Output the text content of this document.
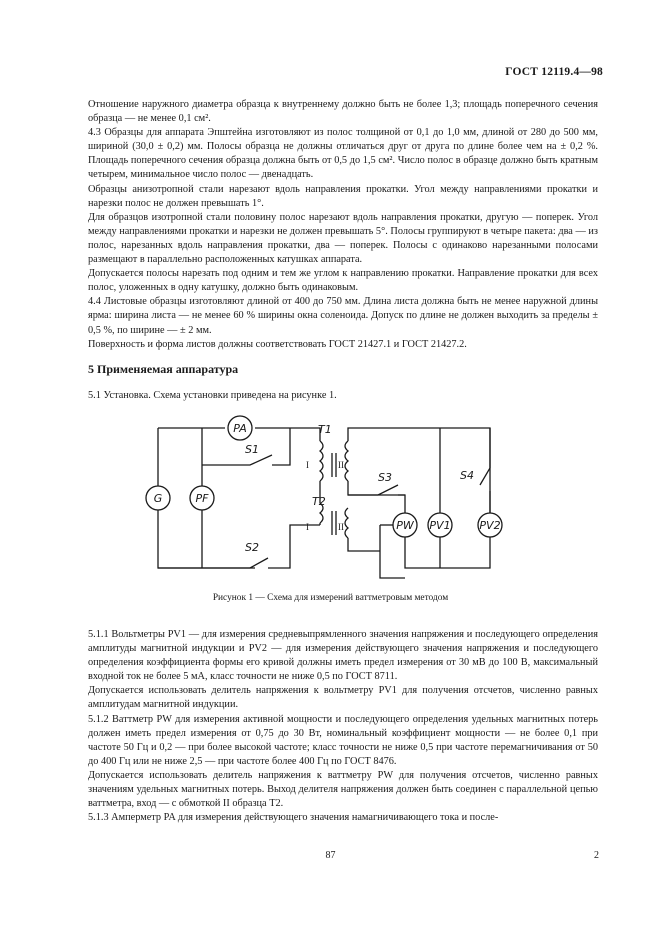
ГОСТ 12119.4—98

Отношение наружного диаметра образца к внутреннему должно быть не более 1,3; площадь поперечного сечения образца — не менее 0,1 см².

4.3 Образцы для аппарата Эпштейна изготовляют из полос толщиной от 0,1 до 1,0 мм, длиной от 280 до 500 мм, шириной (30,0 ± 0,2) мм. Полосы образца не должны отличаться друг от друга по длине более чем на ± 0,2 %. Площадь поперечного сечения образца должна быть от 0,5 до 1,5 см². Число полос в образце должно быть кратным четырем, минимальное число полос — двенадцать.

Образцы анизотропной стали нарезают вдоль направления прокатки. Угол между направлениями прокатки и нарезки полос не должен превышать 1°.

Для образцов изотропной стали половину полос нарезают вдоль направления прокатки, другую — поперек. Угол между направлениями прокатки и нарезки не должен превышать 5°. Полосы группируют в четыре пакета: два — из полос, нарезанных вдоль направления прокатки, два — поперек. Полосы с одинаково нарезанными полосами размещают в параллельно расположенных катушках аппарата.

Допускается полосы нарезать под одним и тем же углом к направлению прокатки. Направление прокатки для всех полос, уложенных в одну катушку, должно быть одинаковым.

4.4 Листовые образцы изготовляют длиной от 400 до 750 мм. Длина листа должна быть не менее наружной длины ярма: ширина листа — не менее 60 % ширины окна соленоида. Допуск по длине не должен выходить за пределы ± 0,5 %, по ширине — ± 2 мм.

Поверхность и форма листов должны соответствовать ГОСТ 21427.1 и ГОСТ 21427.2.

5 Применяемая аппаратура
5.1 Установка. Схема установки приведена на рисунке 1.
PA
G	PF
S1
S2
T1
T2
I	II
I	II
S3
PW PV1
S4
PV2
Рисунок 1 — Схема для измерений ваттметровым методом

5.1.1 Вольтметры PV1 — для измерения средневыпрямленного значения напряжения и последующего определения амплитуды магнитной индукции и PV2 — для измерения действующего значения напряжения и последующего определения коэффициента формы его кривой должны иметь предел измерения от 30 мВ до 100 В, максимальный входной ток не более 5 мА, класс точности не ниже 0,5 по ГОСТ 8711.

Допускается использовать делитель напряжения к вольтметру PV1 для получения отсчетов, численно равных амплитудам магнитной индукции.

5.1.2 Ваттметр PW для измерения активной мощности и последующего определения удельных магнитных потерь должен иметь предел измерения от 0,75 до 30 Вт, номинальный коэффициент мощности — не более 0,1 при частоте 50 Гц и 0,2 — при более высокой частоте; класс точности не ниже 0,5 при частоте перемагничивания от 50 до 400 Гц или не ниже 2,5 — при частоте более 400 Гц по ГОСТ 8476.

Допускается использовать делитель напряжения к ваттметру PW для получения отсчетов, численно равных значениям удельных магнитных потерь. Выход делителя напряжения должен быть соединен с параллельной цепью ваттметра, вход — с обмоткой II образца T2.

5.1.3 Амперметр PA для измерения действующего значения намагничивающего тока и после-

87	2
